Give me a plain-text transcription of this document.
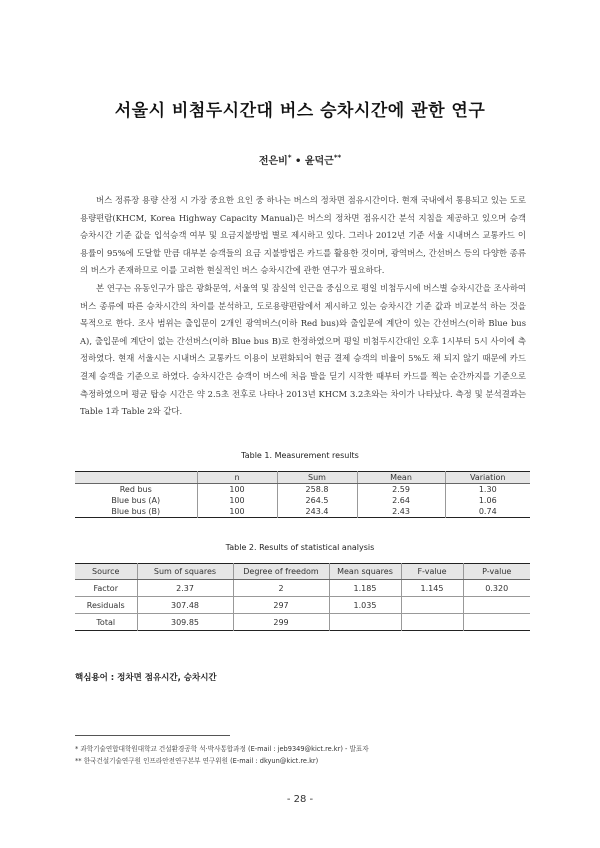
서울시 비첨두시간대 버스 승차시간에 관한 연구
전은비* • 윤덕근**

버스 정류장 용량 산정 시 가장 중요한 요인 중 하나는 버스의 정차면 점유시간이다. 현재 국내에서 통용되고 있는 도로용량편람(KHCM, Korea Highway Capacity Manual)은 버스의 정차면 점유시간 분석 지침을 제공하고 있으며 승객 승차시간 기준 값을 입석승객 여부 및 요금지불방법 별로 제시하고 있다. 그러나 2012년 기준 서울 시내버스 교통카드 이용률이 95%에 도달할 만큼 대부분 승객들의 요금 지불방법은 카드를 활용한 것이며, 광역버스, 간선버스 등의 다양한 종류의 버스가 존재하므로 이를 고려한 현실적인 버스 승차시간에 관한 연구가 필요하다.

본 연구는 유동인구가 많은 광화문역, 서울역 및 잠실역 인근을 중심으로 평일 비첨두시에 버스별 승차시간을 조사하여 버스 종류에 따른 승차시간의 차이를 분석하고, 도로용량편람에서 제시하고 있는 승차시간 기준 값과 비교분석 하는 것을 목적으로 한다. 조사 범위는 출입문이 2개인 광역버스(이하 Red bus)와 출입문에 계단이 있는 간선버스(이하 Blue bus A), 출입문에 계단이 없는 간선버스(이하 Blue bus B)로 한정하였으며 평일 비첨두시간대인 오후 1시부터 5시 사이에 측정하였다. 현재 서울시는 시내버스 교통카드 이용이 보편화되어 현금 결제 승객의 비율이 5%도 채 되지 않기 때문에 카드 결제 승객을 기준으로 하였다. 승차시간은 승객이 버스에 처음 발을 딛기 시작한 때부터 카드를 찍는 순간까지를 기준으로 측정하였으며 평균 탑승 시간은 약 2.5초 전후로 나타나 2013년 KHCM 3.2초와는 차이가 나타났다. 측정 및 분석결과는 Table 1과 Table 2와 같다.

Table 1. Measurement results
	n	Sum	Mean	Variation
Red bus	100	258.8	2.59	1.30
Blue bus (A)	100	264.5	2.64	1.06
Blue bus (B)	100	243.4	2.43	0.74
Table 2. Results of statistical analysis
Source	Sum of squares	Degree of freedom	Mean squares	F-value	P-value
Factor	2.37	2	1.185	1.145	0.320
Residuals	307.48	297	1.035		
Total	309.85	299			
핵심용어 : 정차면 점유시간, 승차시간
* 과학기술연합대학원대학교 건설환경공학 석·박사통합과정 (E-mail : jeb9349@kict.re.kr) - 발표자
** 한국건설기술연구원 인프라안전연구본부 연구위원 (E-mail : dkyun@kict.re.kr)
- 28 -
